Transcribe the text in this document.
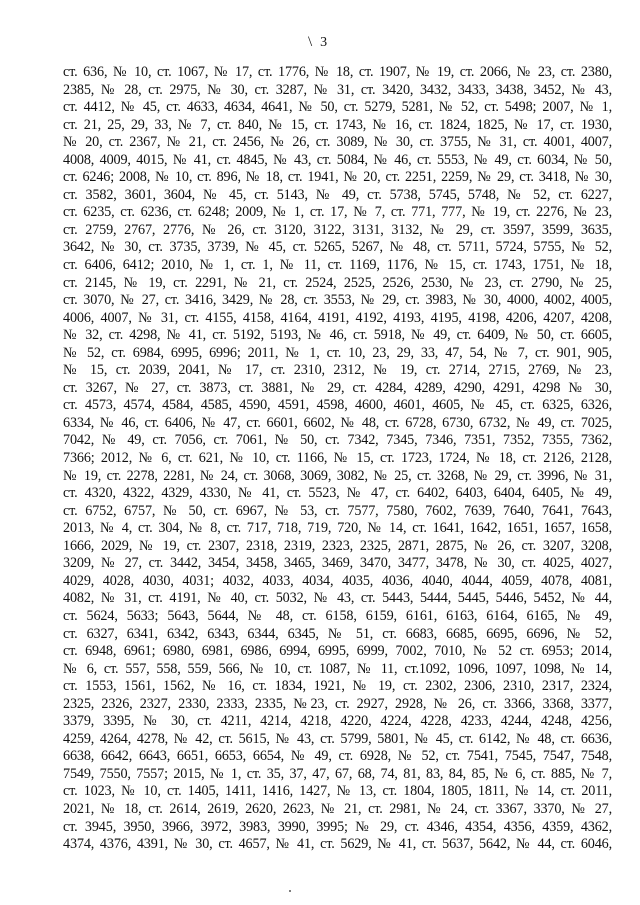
\ 3
ст. 636, № 10, ст. 1067, № 17, ст. 1776, № 18, ст. 1907, № 19, ст. 2066, № 23, ст. 2380,
2385, № 28, ст. 2975, № 30, ст. 3287, № 31, ст. 3420, 3432, 3433, 3438, 3452, № 43,
ст. 4412, № 45, ст. 4633, 4634, 4641, № 50, ст. 5279, 5281, № 52, ст. 5498; 2007, № 1,
ст. 21, 25, 29, 33, № 7, ст. 840, № 15, ст. 1743, № 16, ст. 1824, 1825, № 17, ст. 1930,
№ 20, ст. 2367, № 21, ст. 2456, № 26, ст. 3089, № 30, ст. 3755, № 31, ст. 4001, 4007,
4008, 4009, 4015, № 41, ст. 4845, № 43, ст. 5084, № 46, ст. 5553, № 49, ст. 6034, № 50,
ст. 6246; 2008, № 10, ст. 896, № 18, ст. 1941, № 20, ст. 2251, 2259, № 29, ст. 3418, № 30,
ст. 3582, 3601, 3604, № 45, ст. 5143, № 49, ст. 5738, 5745, 5748, № 52, ст. 6227,
ст. 6235, ст. 6236, ст. 6248; 2009, № 1, ст. 17, № 7, ст. 771, 777, № 19, ст. 2276, № 23,
ст. 2759, 2767, 2776, № 26, ст. 3120, 3122, 3131, 3132, № 29, ст. 3597, 3599, 3635,
3642, № 30, ст. 3735, 3739, № 45, ст. 5265, 5267, № 48, ст. 5711, 5724, 5755, № 52,
ст. 6406, 6412; 2010, № 1, ст. 1, № 11, ст. 1169, 1176, № 15, ст. 1743, 1751, № 18,
ст. 2145, № 19, ст. 2291, № 21, ст. 2524, 2525, 2526, 2530, № 23, ст. 2790, № 25,
ст. 3070, № 27, ст. 3416, 3429, № 28, ст. 3553, № 29, ст. 3983, № 30, 4000, 4002, 4005,
4006, 4007, № 31, ст. 4155, 4158, 4164, 4191, 4192, 4193, 4195, 4198, 4206, 4207, 4208,
№ 32, ст. 4298, № 41, ст. 5192, 5193, № 46, ст. 5918, № 49, ст. 6409, № 50, ст. 6605,
№ 52, ст. 6984, 6995, 6996; 2011, № 1, ст. 10, 23, 29, 33, 47, 54, № 7, ст. 901, 905,
№ 15, ст. 2039, 2041, № 17, ст. 2310, 2312, № 19, ст. 2714, 2715, 2769, № 23,
ст. 3267, № 27, ст. 3873, ст. 3881, № 29, ст. 4284, 4289, 4290, 4291, 4298 № 30,
ст. 4573, 4574, 4584, 4585, 4590, 4591, 4598, 4600, 4601, 4605, № 45, ст. 6325, 6326,
6334, № 46, ст. 6406, № 47, ст. 6601, 6602, № 48, ст. 6728, 6730, 6732, № 49, ст. 7025,
7042, № 49, ст. 7056, ст. 7061, № 50, ст. 7342, 7345, 7346, 7351, 7352, 7355, 7362,
7366; 2012, № 6, ст. 621, № 10, ст. 1166, № 15, ст. 1723, 1724, № 18, ст. 2126, 2128,
№ 19, ст. 2278, 2281, № 24, ст. 3068, 3069, 3082, № 25, ст. 3268, № 29, ст. 3996, № 31,
ст. 4320, 4322, 4329, 4330, № 41, ст. 5523, № 47, ст. 6402, 6403, 6404, 6405, № 49,
ст. 6752, 6757, № 50, ст. 6967, № 53, ст. 7577, 7580, 7602, 7639, 7640, 7641, 7643,
2013, № 4, ст. 304, № 8, ст. 717, 718, 719, 720, № 14, ст. 1641, 1642, 1651, 1657, 1658,
1666, 2029, № 19, ст. 2307, 2318, 2319, 2323, 2325, 2871, 2875, № 26, ст. 3207, 3208,
3209, № 27, ст. 3442, 3454, 3458, 3465, 3469, 3470, 3477, 3478, № 30, ст. 4025, 4027,
4029, 4028, 4030, 4031; 4032, 4033, 4034, 4035, 4036, 4040, 4044, 4059, 4078, 4081,
4082, № 31, ст. 4191, № 40, ст. 5032, № 43, ст. 5443, 5444, 5445, 5446, 5452, № 44,
ст. 5624, 5633; 5643, 5644, № 48, ст. 6158, 6159, 6161, 6163, 6164, 6165, № 49,
ст. 6327, 6341, 6342, 6343, 6344, 6345, № 51, ст. 6683, 6685, 6695, 6696, № 52,
ст. 6948, 6961; 6980, 6981, 6986, 6994, 6995, 6999, 7002, 7010, № 52 ст. 6953; 2014,
№ 6, ст. 557, 558, 559, 566, № 10, ст. 1087, № 11, ст.1092, 1096, 1097, 1098, № 14,
ст. 1553, 1561, 1562, № 16, ст. 1834, 1921, № 19, ст. 2302, 2306, 2310, 2317, 2324,
2325, 2326, 2327, 2330, 2333, 2335, №23, ст. 2927, 2928, № 26, ст. 3366, 3368, 3377,
3379, 3395, № 30, ст. 4211, 4214, 4218, 4220, 4224, 4228, 4233, 4244, 4248, 4256,
4259, 4264, 4278, № 42, ст. 5615, № 43, ст. 5799, 5801, № 45, ст. 6142, № 48, ст. 6636,
6638, 6642, 6643, 6651, 6653, 6654, № 49, ст. 6928, № 52, ст. 7541, 7545, 7547, 7548,
7549, 7550, 7557; 2015, № 1, ст. 35, 37, 47, 67, 68, 74, 81, 83, 84, 85, № 6, ст. 885, № 7,
ст. 1023, № 10, ст. 1405, 1411, 1416, 1427, № 13, ст. 1804, 1805, 1811, № 14, ст. 2011,
2021, № 18, ст. 2614, 2619, 2620, 2623, № 21, ст. 2981, № 24, ст. 3367, 3370, № 27,
ст. 3945, 3950, 3966, 3972, 3983, 3990, 3995; № 29, ст. 4346, 4354, 4356, 4359, 4362,
4374, 4376, 4391, № 30, ст. 4657, № 41, ст. 5629, № 41, ст. 5637, 5642, № 44, ст. 6046,
